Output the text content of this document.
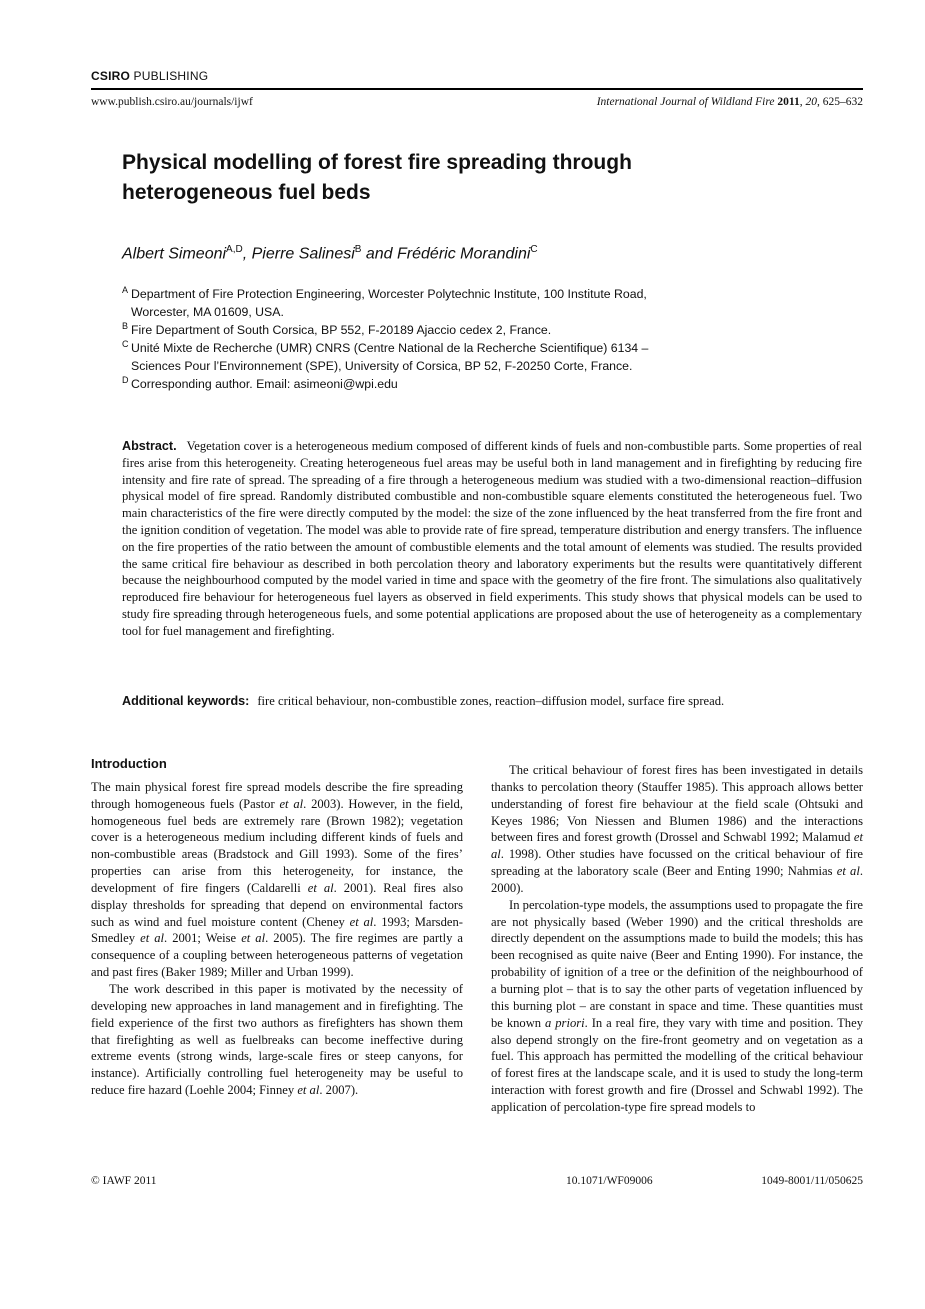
CSIRO PUBLISHING
www.publish.csiro.au/journals/ijwf	International Journal of Wildland Fire 2011, 20, 625–632
Physical modelling of forest fire spreading through
heterogeneous fuel beds
Albert Simeoni$^{A,D}$, Pierre Salinesi$^B$ and Frédéric Morandini$^C$
A Department of Fire Protection Engineering, Worcester Polytechnic Institute, 100 Institute Road,
Worcester, MA 01609, USA.
B Fire Department of South Corsica, BP 552, F-20189 Ajaccio cedex 2, France.
C Unité Mixte de Recherche (UMR) CNRS (Centre National de la Recherche Scientifique) 6134 –
Sciences Pour l’Environnement (SPE), University of Corsica, BP 52, F-20250 Corte, France.
D Corresponding author. Email: asimeoni@wpi.edu
Abstract. Vegetation cover is a heterogeneous medium composed of different kinds of fuels and non-combustible parts. Some properties of real fires arise from this heterogeneity. Creating heterogeneous fuel areas may be useful both in land management and in firefighting by reducing fire intensity and fire rate of spread. The spreading of a fire through a heterogeneous medium was studied with a two-dimensional reaction–diffusion physical model of fire spread. Randomly distributed combustible and non-combustible square elements constituted the heterogeneous fuel. Two main characteristics of the fire were directly computed by the model: the size of the zone influenced by the heat transferred from the fire front and the ignition condition of vegetation. The model was able to provide rate of fire spread, temperature distribution and energy transfers. The influence on the fire properties of the ratio between the amount of combustible elements and the total amount of elements was studied. The results provided the same critical fire behaviour as described in both percolation theory and laboratory experiments but the results were quantitatively different because the neighbourhood computed by the model varied in time and space with the geometry of the fire front. The simulations also qualitatively reproduced fire behaviour for heterogeneous fuel layers as observed in field experiments. This study shows that physical models can be used to study fire spreading through heterogeneous fuels, and some potential applications are proposed about the use of heterogeneity as a complementary tool for fuel management and firefighting.
Additional keywords: fire critical behaviour, non-combustible zones, reaction–diffusion model, surface fire spread.
Introduction

The main physical forest fire spread models describe the fire spreading through homogeneous fuels (Pastor et al. 2003). However, in the field, homogeneous fuel beds are extremely rare (Brown 1982); vegetation cover is a heterogeneous medium including different kinds of fuels and non-combustible areas (Bradstock and Gill 1993). Some of the fires’ properties can arise from this heterogeneity, for instance, the development of fire fingers (Caldarelli et al. 2001). Real fires also display thresholds for spreading that depend on environmental factors such as wind and fuel moisture content (Cheney et al. 1993; Marsden-Smedley et al. 2001; Weise et al. 2005). The fire regimes are partly a consequence of a coupling between heterogeneous patterns of vegetation and past fires (Baker 1989; Miller and Urban 1999).

The work described in this paper is motivated by the necessity of developing new approaches in land management and in firefighting. The field experience of the first two authors as firefighters has shown them that firefighting as well as fuelbreaks can become ineffective during extreme events (strong winds, large-scale fires or steep canyons, for instance). Artificially controlling fuel heterogeneity may be useful to reduce fire hazard (Loehle 2004; Finney et al. 2007).

The critical behaviour of forest fires has been investigated in details thanks to percolation theory (Stauffer 1985). This approach allows better understanding of forest fire behaviour at the field scale (Ohtsuki and Keyes 1986; Von Niessen and Blumen 1986) and the interactions between fires and forest growth (Drossel and Schwabl 1992; Malamud et al. 1998). Other studies have focussed on the critical behaviour of fire spreading at the laboratory scale (Beer and Enting 1990; Nahmias et al. 2000).

In percolation-type models, the assumptions used to propagate the fire are not physically based (Weber 1990) and the critical thresholds are directly dependent on the assumptions made to build the models; this has been recognised as quite naive (Beer and Enting 1990). For instance, the probability of ignition of a tree or the definition of the neighbourhood of a burning plot – that is to say the other parts of vegetation influenced by this burning plot – are constant in space and time. These quantities must be known a priori. In a real fire, they vary with time and position. They also depend strongly on the fire-front geometry and on vegetation as a fuel. This approach has permitted the modelling of the critical behaviour of forest fires at the landscape scale, and it is used to study the long-term interaction with forest growth and fire (Drossel and Schwabl 1992). The application of percolation-type fire spread models to

© IAWF 2011	10.1071/WF09006	1049-8001/11/050625
